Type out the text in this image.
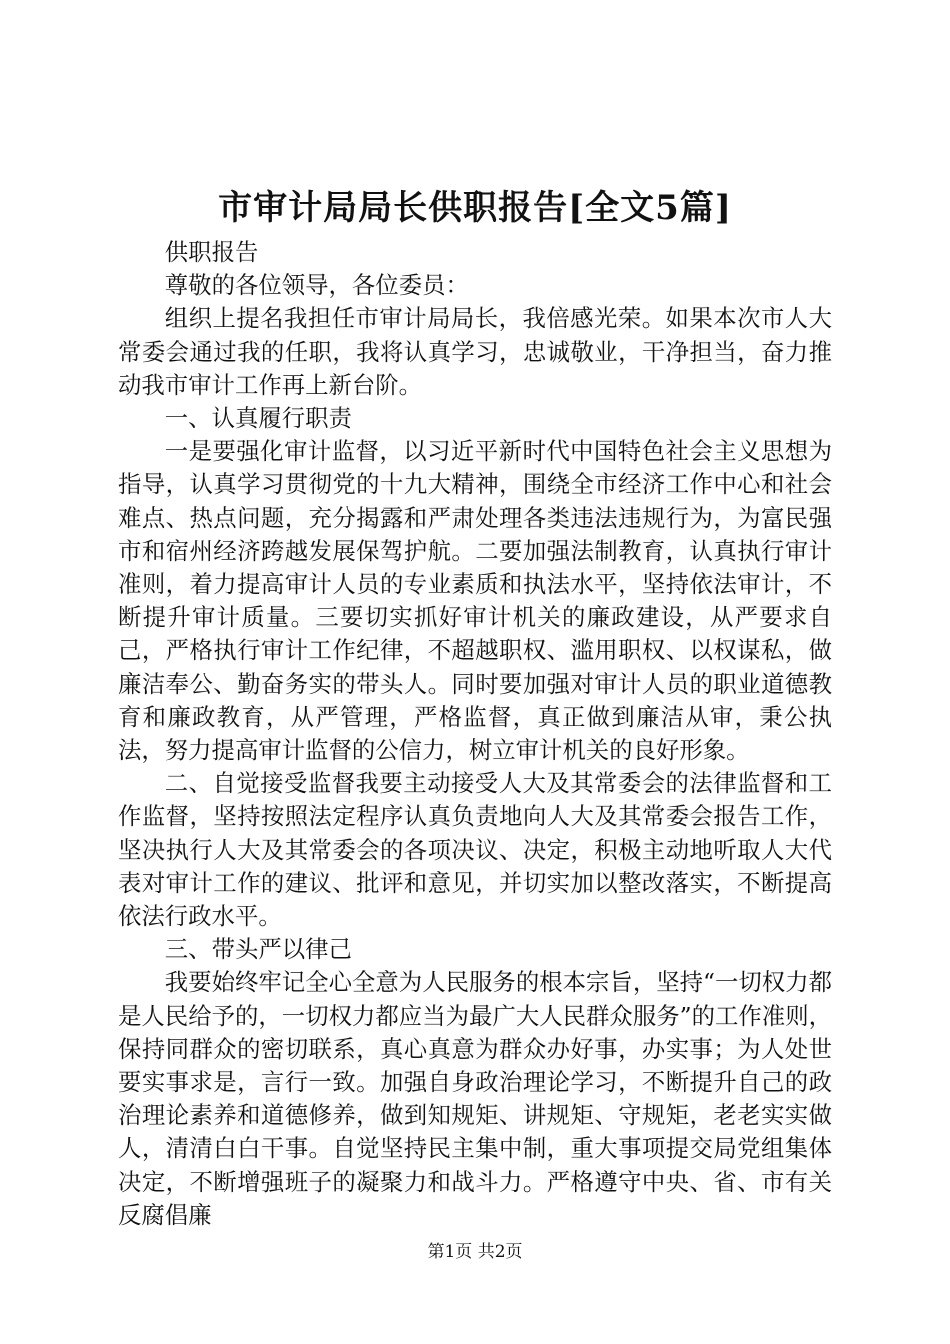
市审计局局长供职报告[全文5篇]

供职报告

尊敬的各位领导，各位委员：

组织上提名我担任市审计局局长，我倍感光荣。如果本次市人大常委会通过我的任职，我将认真学习，忠诚敬业，干净担当，奋力推动我市审计工作再上新台阶。

一、认真履行职责

一是要强化审计监督，以习近平新时代中国特色社会主义思想为指导，认真学习贯彻党的十九大精神，围绕全市经济工作中心和社会难点、热点问题，充分揭露和严肃处理各类违法违规行为，为富民强市和宿州经济跨越发展保驾护航。二要加强法制教育，认真执行审计准则，着力提高审计人员的专业素质和执法水平，坚持依法审计，不断提升审计质量。三要切实抓好审计机关的廉政建设，从严要求自己，严格执行审计工作纪律，不超越职权、滥用职权、以权谋私，做廉洁奉公、勤奋务实的带头人。同时要加强对审计人员的职业道德教育和廉政教育，从严管理，严格监督，真正做到廉洁从审，秉公执法，努力提高审计监督的公信力，树立审计机关的良好形象。

二、自觉接受监督我要主动接受人大及其常委会的法律监督和工作监督，坚持按照法定程序认真负责地向人大及其常委会报告工作，坚决执行人大及其常委会的各项决议、决定，积极主动地听取人大代表对审计工作的建议、批评和意见，并切实加以整改落实，不断提高依法行政水平。

三、带头严以律己

我要始终牢记全心全意为人民服务的根本宗旨，坚持“一切权力都是人民给予的，一切权力都应当为最广大人民群众服务”的工作准则，保持同群众的密切联系，真心真意为群众办好事，办实事；为人处世要实事求是，言行一致。加强自身政治理论学习，不断提升自己的政治理论素养和道德修养，做到知规矩、讲规矩、守规矩，老老实实做人，清清白白干事。自觉坚持民主集中制，重大事项提交局党组集体决定，不断增强班子的凝聚力和战斗力。严格遵守中央、省、市有关反腐倡廉

第1页 共2页
